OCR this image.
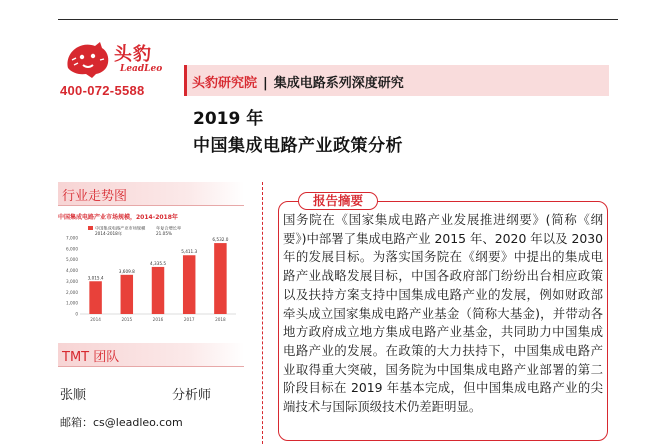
头豹
LeadLeo
400-072-5588	头豹研究院 | 集成电路系列深度研究
2019 年
中国集成电路产业政策分析
行业走势图
中国集成电路产业市场规模，2014-2018年
0
1,000
2,000
3,000
4,000
5,000
6,000
7,000
中国集成电路产业市场规模
2014-2018年
年复合增长率
21.05%
3,015.4
2014
3,609.8
2015
4,335.5
2016
5,411.3
2017
6,532.0
2018
TMT 团队
张顺	分析师
邮箱：cs@leadleo.com
报告摘要
国务院在《国家集成电路产业发展推进纲要》(简称《纲要》)中部署了集成电路产业 2015 年、2020 年以及 2030 年的发展目标。为落实国务院在《纲要》中提出的集成电路产业战略发展目标，中国各政府部门纷纷出台相应政策以及扶持方案支持中国集成电路产业的发展，例如财政部牵头成立国家集成电路产业基金（简称大基金)，并带动各地方政府成立地方集成电路产业基金，共同助力中国集成电路产业的发展。在政策的大力扶持下，中国集成电路产业取得重大突破，国务院为中国集成电路产业部署的第二阶段目标在 2019 年基本完成，但中国集成电路产业的尖端技术与国际顶级技术仍差距明显。
